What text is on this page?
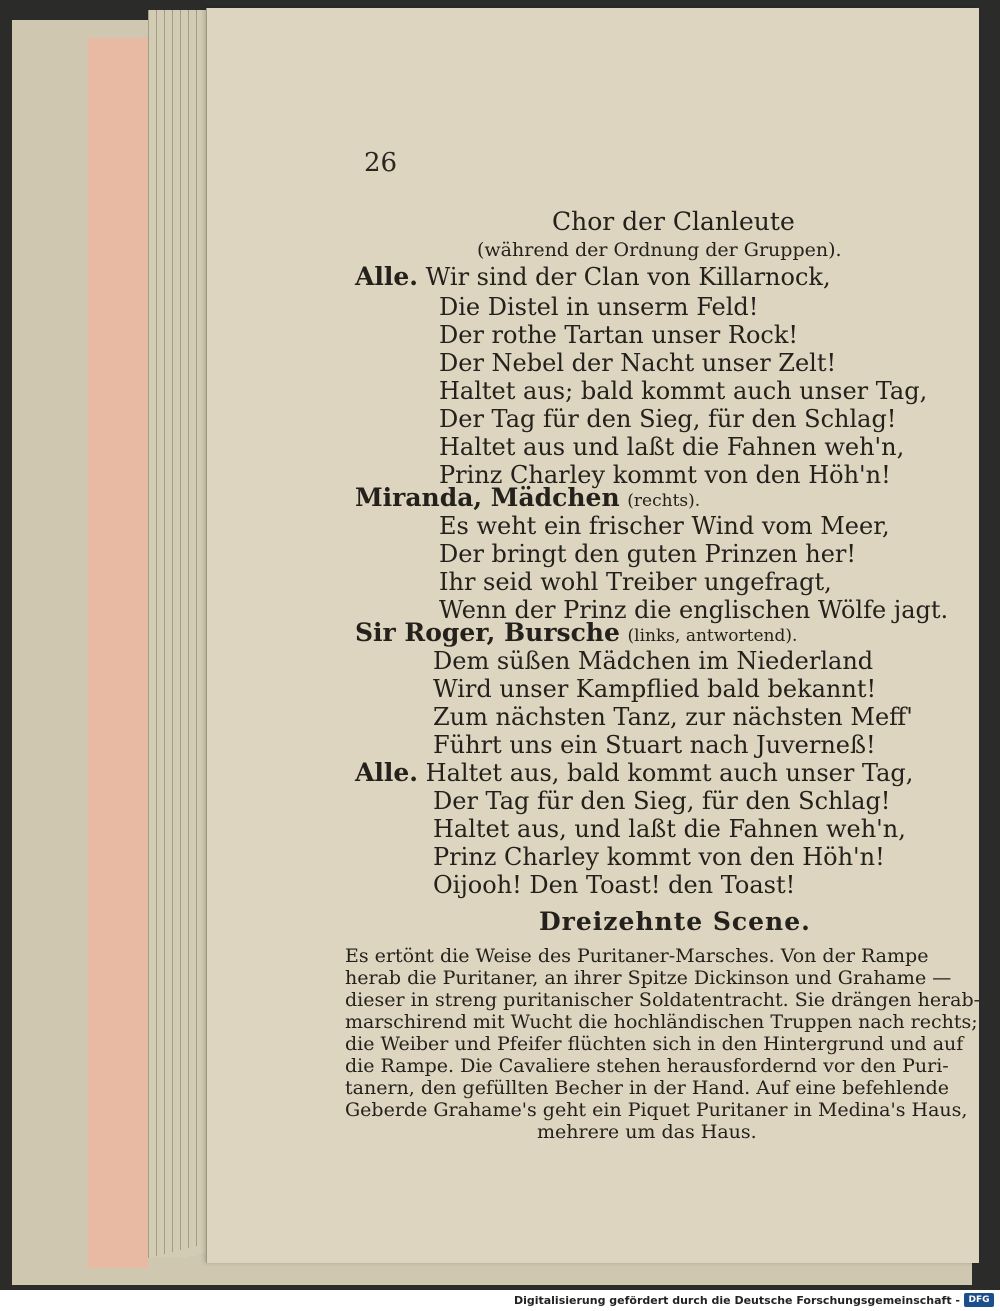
26
Chor der Clanleute
(während der Ordnung der Gruppen).
Alle. Wir sind der Clan von Killarnock,
Die Distel in unserm Feld!
Der rothe Tartan unser Rock!
Der Nebel der Nacht unser Zelt!
Haltet aus; bald kommt auch unser Tag,
Der Tag für den Sieg, für den Schlag!
Haltet aus und laßt die Fahnen weh'n,
Prinz Charley kommt von den Höh'n!
Miranda, Mädchen (rechts).
Es weht ein frischer Wind vom Meer,
Der bringt den guten Prinzen her!
Ihr seid wohl Treiber ungefragt,
Wenn der Prinz die englischen Wölfe jagt.
Sir Roger, Bursche (links, antwortend).
Dem süßen Mädchen im Niederland
Wird unser Kampflied bald bekannt!
Zum nächsten Tanz, zur nächsten Meff'
Führt uns ein Stuart nach Juverneß!
Alle. Haltet aus, bald kommt auch unser Tag,
Der Tag für den Sieg, für den Schlag!
Haltet aus, und laßt die Fahnen weh'n,
Prinz Charley kommt von den Höh'n!
Oijooh! Den Toast! den Toast!
Dreizehnte Scene.
Es ertönt die Weise des Puritaner-Marsches. Von der Rampe
herab die Puritaner, an ihrer Spitze Dickinson und Grahame —
dieser in streng puritanischer Soldatentracht. Sie drängen herab-
marschirend mit Wucht die hochländischen Truppen nach rechts;
die Weiber und Pfeifer flüchten sich in den Hintergrund und auf
die Rampe. Die Cavaliere stehen herausfordernd vor den Puri-
tanern, den gefüllten Becher in der Hand. Auf eine befehlende
Geberde Grahame's geht ein Piquet Puritaner in Medina's Haus,
mehrere um das Haus.
Digitalisierung gefördert durch die Deutsche Forschungsgemeinschaft - DFG
